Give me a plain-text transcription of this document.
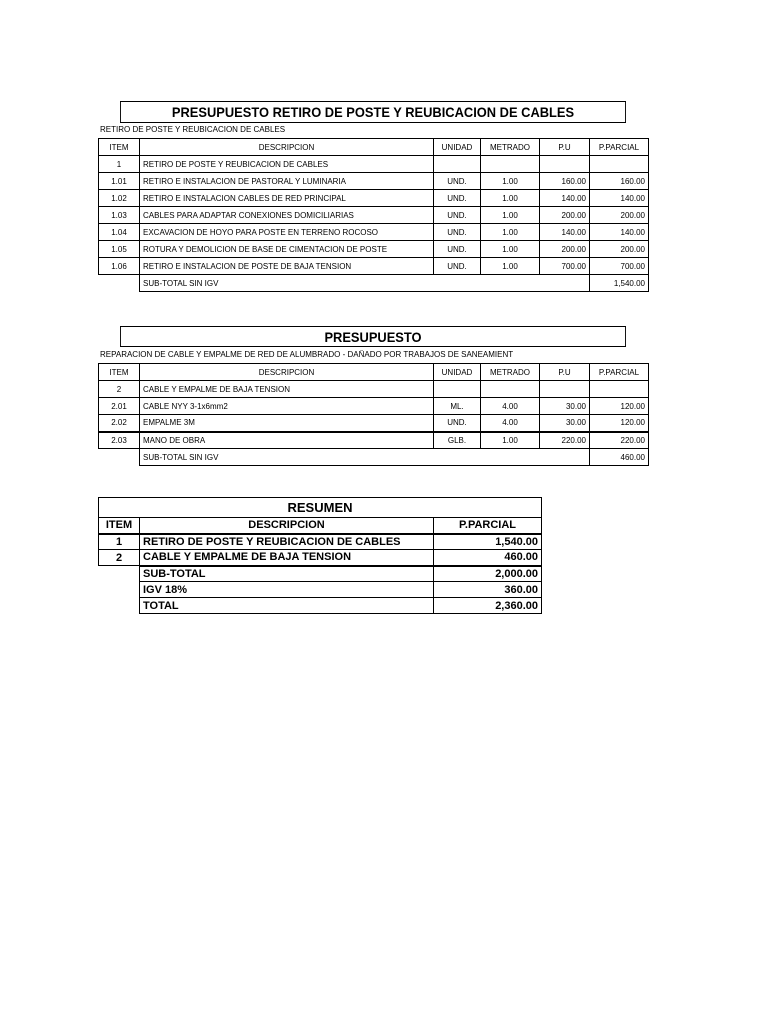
PRESUPUESTO RETIRO DE POSTE Y REUBICACION DE CABLES
RETIRO DE POSTE Y REUBICACION DE CABLES
ITEM	DESCRIPCION	UNIDAD	METRADO	P.U	P.PARCIAL
1	RETIRO DE POSTE Y REUBICACION DE CABLES				
1.01	RETIRO E INSTALACION DE PASTORAL Y LUMINARIA	UND.	1.00	160.00	160.00
1.02	RETIRO E INSTALACION CABLES DE RED PRINCIPAL	UND.	1.00	140.00	140.00
1.03	CABLES PARA ADAPTAR CONEXIONES DOMICILIARIAS	UND.	1.00	200.00	200.00
1.04	EXCAVACION DE HOYO PARA POSTE EN TERRENO ROCOSO	UND.	1.00	140.00	140.00
1.05	ROTURA Y DEMOLICION DE BASE DE CIMENTACION DE POSTE	UND.	1.00	200.00	200.00
1.06	RETIRO E INSTALACION DE POSTE DE BAJA TENSION	UND.	1.00	700.00	700.00
	SUB-TOTAL SIN IGV				1,540.00
PRESUPUESTO
REPARACION DE CABLE Y EMPALME DE RED DE ALUMBRADO - DAÑADO POR TRABAJOS DE SANEAMIENT
ITEM	DESCRIPCION	UNIDAD	METRADO	P.U	P.PARCIAL
2	CABLE Y EMPALME DE BAJA TENSION				
2.01	CABLE NYY 3-1x6mm2	ML.	4.00	30.00	120.00
2.02	EMPALME 3M	UND.	4.00	30.00	120.00
2.03	MANO DE OBRA	GLB.	1.00	220.00	220.00
	SUB-TOTAL SIN IGV				460.00
RESUMEN		
ITEM	DESCRIPCION	P.PARCIAL
1	RETIRO DE POSTE Y REUBICACION DE CABLES	1,540.00
2	CABLE Y EMPALME DE BAJA TENSION	460.00
	SUB-TOTAL	2,000.00
	IGV 18%	360.00
	TOTAL	2,360.00
